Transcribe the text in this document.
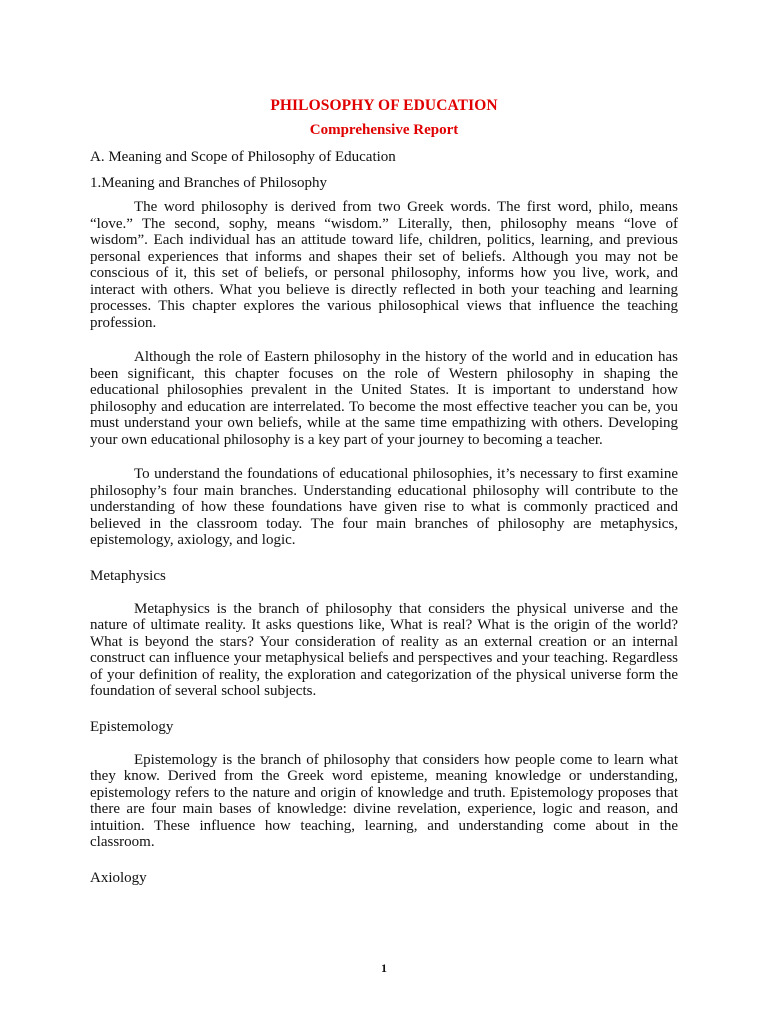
PHILOSOPHY OF EDUCATION
Comprehensive Report

A. Meaning and Scope of Philosophy of Education

1.Meaning and Branches of Philosophy

The word philosophy is derived from two Greek words. The first word, philo, means “love.” The second, sophy, means “wisdom.” Literally, then, philosophy means “love of wisdom”. Each individual has an attitude toward life, children, politics, learning, and previous personal experiences that informs and shapes their set of beliefs. Although you may not be conscious of it, this set of beliefs, or personal philosophy, informs how you live, work, and interact with others. What you believe is directly reflected in both your teaching and learning processes. This chapter explores the various philosophical views that influence the teaching profession.

Although the role of Eastern philosophy in the history of the world and in education has been significant, this chapter focuses on the role of Western philosophy in shaping the educational philosophies prevalent in the United States. It is important to understand how philosophy and education are interrelated. To become the most effective teacher you can be, you must understand your own beliefs, while at the same time empathizing with others. Developing your own educational philosophy is a key part of your journey to becoming a teacher.

To understand the foundations of educational philosophies, it’s necessary to first examine philosophy’s four main branches. Understanding educational philosophy will contribute to the understanding of how these foundations have given rise to what is commonly practiced and believed in the classroom today. The four main branches of philosophy are metaphysics, epistemology, axiology, and logic.

Metaphysics

Metaphysics is the branch of philosophy that considers the physical universe and the nature of ultimate reality. It asks questions like, What is real? What is the origin of the world? What is beyond the stars? Your consideration of reality as an external creation or an internal construct can influence your metaphysical beliefs and perspectives and your teaching. Regardless of your definition of reality, the exploration and categorization of the physical universe form the foundation of several school subjects.

Epistemology

Epistemology is the branch of philosophy that considers how people come to learn what they know. Derived from the Greek word episteme, meaning knowledge or understanding, epistemology refers to the nature and origin of knowledge and truth. Epistemology proposes that there are four main bases of knowledge: divine revelation, experience, logic and reason, and intuition. These influence how teaching, learning, and understanding come about in the classroom.

Axiology

1
